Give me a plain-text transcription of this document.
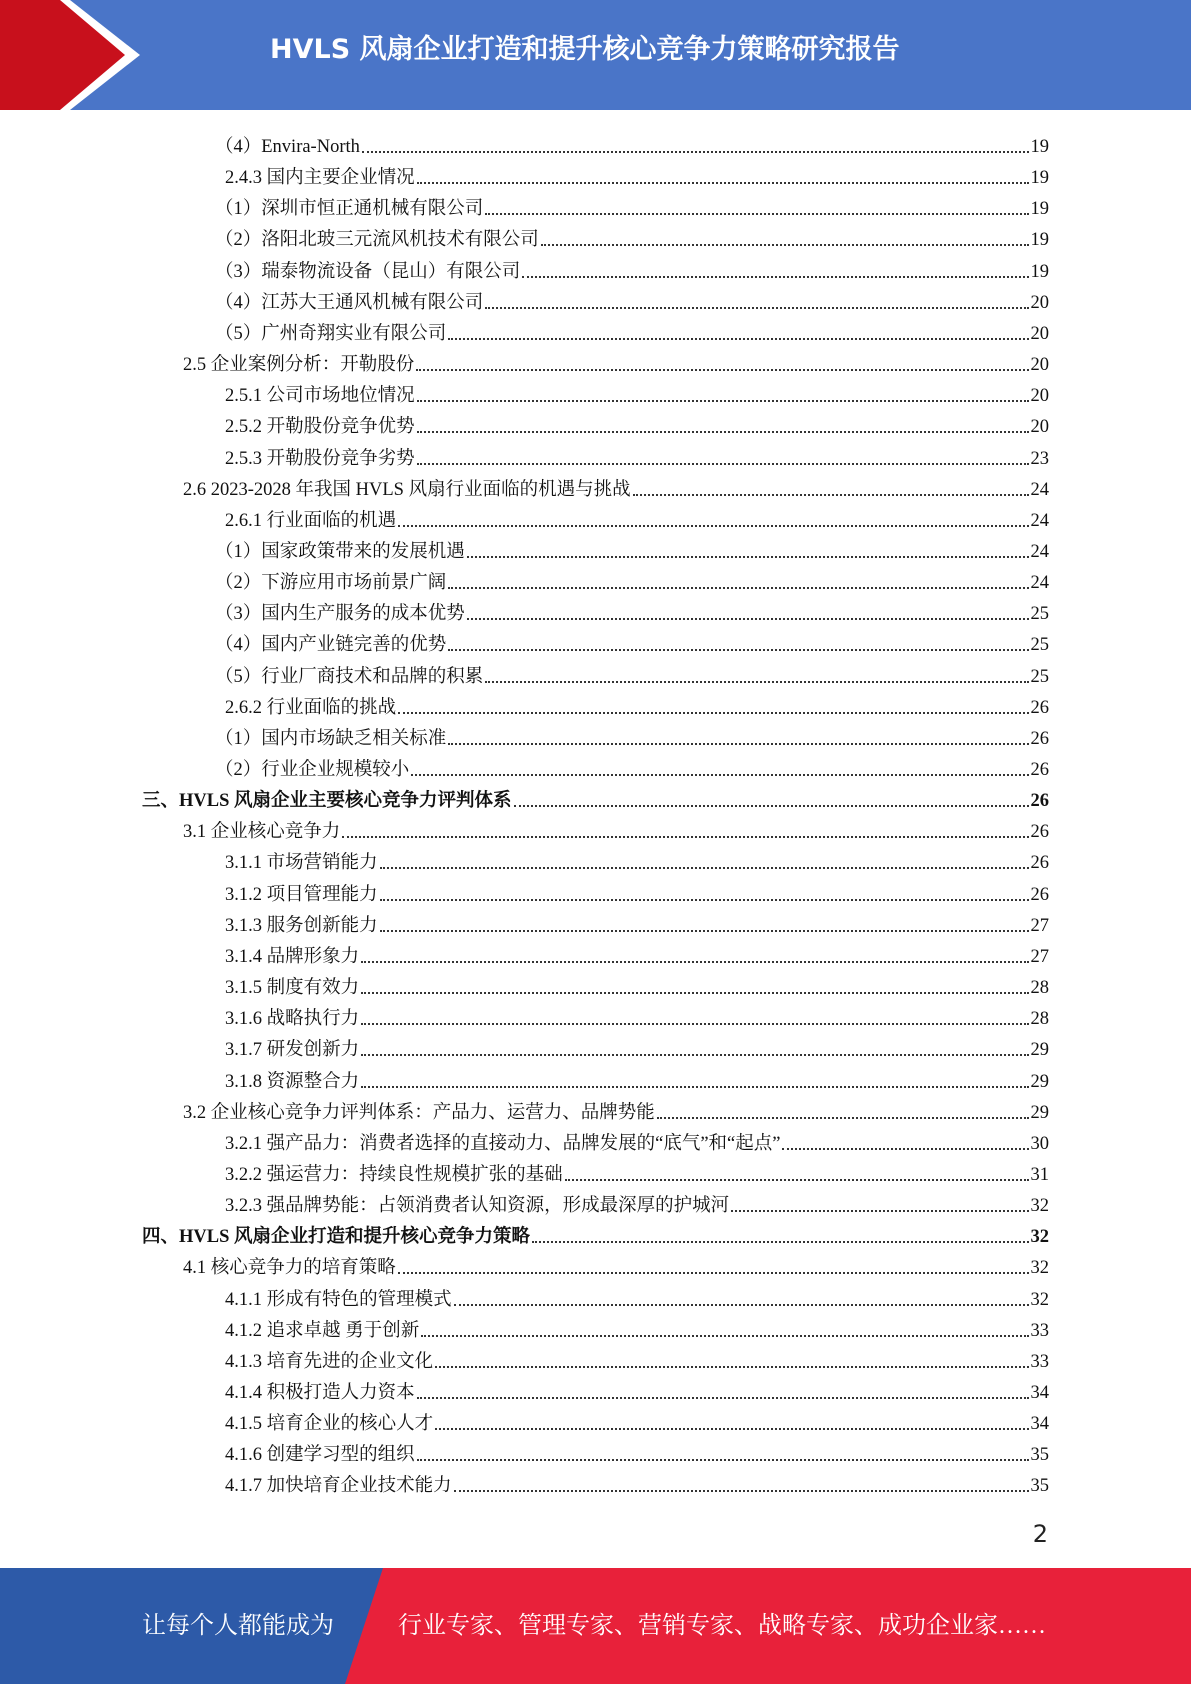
HVLS 风扇企业打造和提升核心竞争力策略研究报告
（4）Envira-North	19
2.4.3 国内主要企业情况	19
（1）深圳市恒正通机械有限公司	19
（2）洛阳北玻三元流风机技术有限公司	19
（3）瑞泰物流设备（昆山）有限公司	19
（4）江苏大王通风机械有限公司	20
（5）广州奇翔实业有限公司	20
2.5 企业案例分析：开勒股份	20
2.5.1 公司市场地位情况	20
2.5.2 开勒股份竞争优势	20
2.5.3 开勒股份竞争劣势	23
2.6 2023-2028 年我国 HVLS 风扇行业面临的机遇与挑战	24
2.6.1 行业面临的机遇	24
（1）国家政策带来的发展机遇	24
（2）下游应用市场前景广阔	24
（3）国内生产服务的成本优势	25
（4）国内产业链完善的优势	25
（5）行业厂商技术和品牌的积累	25
2.6.2 行业面临的挑战	26
（1）国内市场缺乏相关标准	26
（2）行业企业规模较小	26
三、HVLS 风扇企业主要核心竞争力评判体系	26
3.1 企业核心竞争力	26
3.1.1 市场营销能力	26
3.1.2 项目管理能力	26
3.1.3 服务创新能力	27
3.1.4 品牌形象力	27
3.1.5 制度有效力	28
3.1.6 战略执行力	28
3.1.7 研发创新力	29
3.1.8 资源整合力	29
3.2 企业核心竞争力评判体系：产品力、运营力、品牌势能	29
3.2.1 强产品力：消费者选择的直接动力、品牌发展的“底气”和“起点”	30
3.2.2 强运营力：持续良性规模扩张的基础	31
3.2.3 强品牌势能：占领消费者认知资源，形成最深厚的护城河	32
四、HVLS 风扇企业打造和提升核心竞争力策略	32
4.1 核心竞争力的培育策略	32
4.1.1 形成有特色的管理模式	32
4.1.2 追求卓越 勇于创新	33
4.1.3 培育先进的企业文化	33
4.1.4 积极打造人力资本	34
4.1.5 培育企业的核心人才	34
4.1.6 创建学习型的组织	35
4.1.7 加快培育企业技术能力	35
2
让每个人都能成为	行业专家、管理专家、营销专家、战略专家、成功企业家……
